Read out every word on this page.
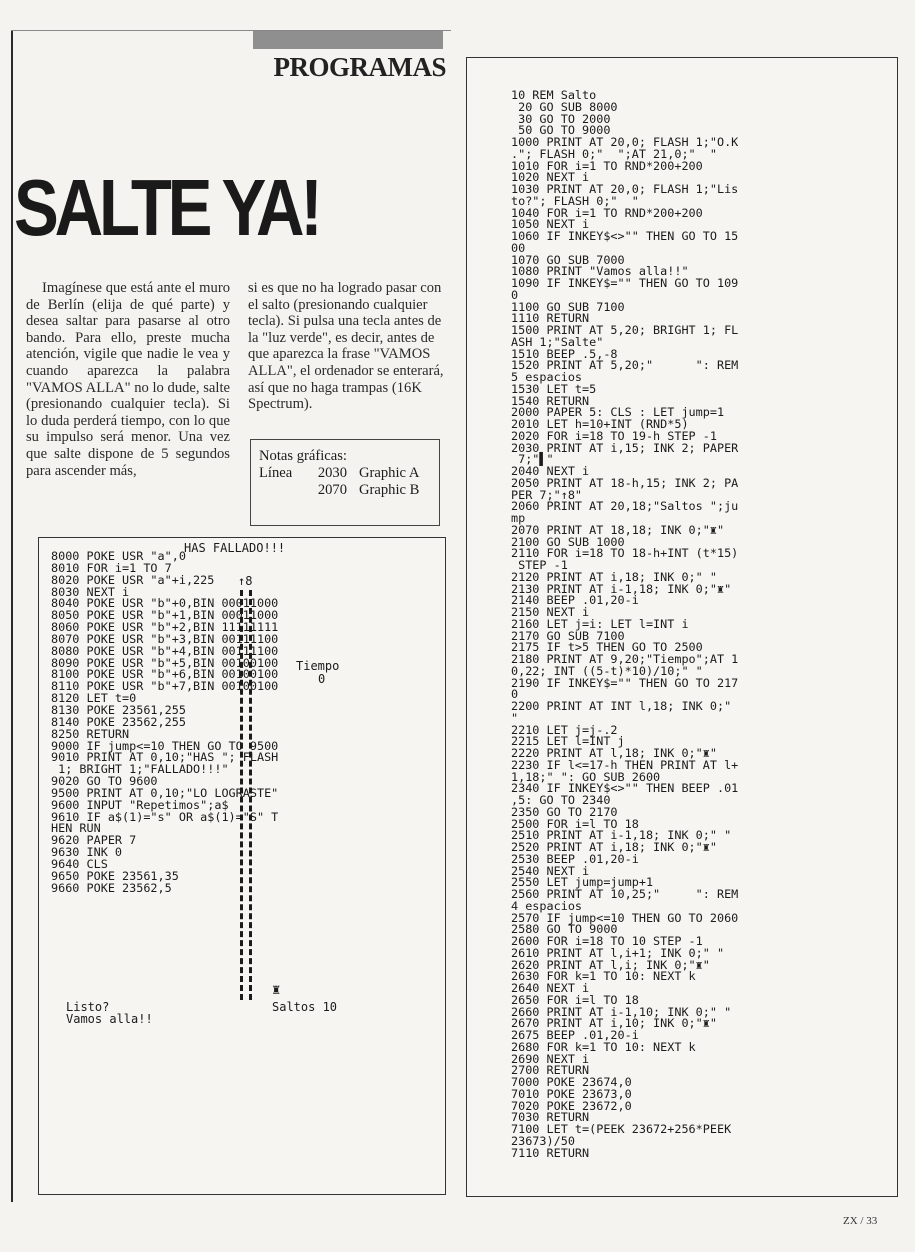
PROGRAMAS
SALTE YA!

Imagínese que está ante el muro de Berlín (elija de qué parte) y desea saltar para pasarse al otro bando. Para ello, preste mucha atención, vigile que nadie le vea y cuando aparezca la palabra "VAMOS ALLA" no lo dude, salte (presionando cualquier tecla). Si lo duda perderá tiempo, con lo que su impulso será menor. Una vez que salte dispone de 5 segundos para ascender más,

si es que no ha logrado pasar con el salto (presionando cualquier tecla). Si pulsa una tecla antes de la "luz verde", es decir, antes de que aparezca la frase "VAMOS ALLA", el ordenador se enterará, así que no haga trampas (16K Spectrum).

Notas gráficas:
Línea	2030 Graphic A
2070 Graphic B
10 REM Salto
20 GO SUB 8000
30 GO TO 2000
50 GO TO 9000
1000 PRINT AT 20,0; FLASH 1;"O.K
."; FLASH 0;"  ";AT 21,0;"  "
1010 FOR i=1 TO RND*200+200
1020 NEXT i
1030 PRINT AT 20,0; FLASH 1;"Lis
to?"; FLASH 0;"  "
1040 FOR i=1 TO RND*200+200
1050 NEXT i
1060 IF INKEY$<>"" THEN GO TO 15
00
1070 GO SUB 7000
1080 PRINT "Vamos alla!!"
1090 IF INKEY$="" THEN GO TO 109
0
1100 GO SUB 7100
1110 RETURN
1500 PRINT AT 5,20; BRIGHT 1; FL
ASH 1;"Salte"
1510 BEEP .5,-8
1520 PRINT AT 5,20;"      ": REM
5 espacios
1530 LET t=5
1540 RETURN
2000 PAPER 5: CLS : LET jump=1
2010 LET h=10+INT (RND*5)
2020 FOR i=18 TO 19-h STEP -1
2030 PRINT AT i,15; INK 2; PAPER
7;"▌"
2040 NEXT i
2050 PRINT AT 18-h,15; INK 2; PA
PER 7;"↑8"
2060 PRINT AT 20,18;"Saltos ";ju
mp
2070 PRINT AT 18,18; INK 0;"♜"
2100 GO SUB 1000
2110 FOR i=18 TO 18-h+INT (t*15)
STEP -1
2120 PRINT AT i,18; INK 0;" "
2130 PRINT AT i-1,18; INK 0;"♜"
2140 BEEP .01,20-i
2150 NEXT i
2160 LET j=i: LET l=INT i
2170 GO SUB 7100
2175 IF t>5 THEN GO TO 2500
2180 PRINT AT 9,20;"Tiempo";AT 1
0,22; INT ((5-t)*10)/10;" "
2190 IF INKEY$="" THEN GO TO 217
0
2200 PRINT AT INT l,18; INK 0;"
"
2210 LET j=j-.2
2215 LET l=INT j
2220 PRINT AT l,18; INK 0;"♜"
2230 IF l<=17-h THEN PRINT AT l+
1,18;" ": GO SUB 2600
2340 IF INKEY$<>"" THEN BEEP .01
,5: GO TO 2340
2350 GO TO 2170
2500 FOR i=l TO 18
2510 PRINT AT i-1,18; INK 0;" "
2520 PRINT AT i,18; INK 0;"♜"
2530 BEEP .01,20-i
2540 NEXT i
2550 LET jump=jump+1
2560 PRINT AT 10,25;"     ": REM
4 espacios
2570 IF jump<=10 THEN GO TO 2060
2580 GO TO 9000
2600 FOR i=18 TO 10 STEP -1
2610 PRINT AT l,i+1; INK 0;" "
2620 PRINT AT l,i; INK 0;"♜"
2630 FOR k=1 TO 10: NEXT k
2640 NEXT i
2650 FOR i=l TO 18
2660 PRINT AT i-1,10; INK 0;" "
2670 PRINT AT i,10; INK 0;"♜"
2675 BEEP .01,20-i
2680 FOR k=1 TO 10: NEXT k
2690 NEXT i
2700 RETURN
7000 POKE 23674,0
7010 POKE 23673,0
7020 POKE 23672,0
7030 RETURN
7100 LET t=(PEEK 23672+256*PEEK
23673)/50
7110 RETURN
8000 POKE USR "a",0
8010 FOR i=1 TO 7
8020 POKE USR "a"+i,225
8030 NEXT i
8040 POKE USR "b"+0,BIN 00011000
8050 POKE USR "b"+1,BIN 00011000
8060 POKE USR "b"+2,BIN 11111111
8070 POKE USR "b"+3,BIN 00111100
8080 POKE USR "b"+4,BIN 00111100
8090 POKE USR "b"+5,BIN 00100100
8100 POKE USR "b"+6,BIN 00100100
8110 POKE USR "b"+7,BIN 00100100
8120 LET t=0
8130 POKE 23561,255
8140 POKE 23562,255
8250 RETURN
9000 IF jump<=10 THEN GO TO 9500
9010 PRINT AT 0,10;"HAS "; FLASH
1; BRIGHT 1;"FALLADO!!!"
9020 GO TO 9600
9500 PRINT AT 0,10;"LO LOGRASTE"
9600 INPUT "Repetimos";a$
9610 IF a$(1)="s" OR a$(1)="S" T
HEN RUN
9620 PAPER 7
9630 INK 0
9640 CLS
9650 POKE 23561,35
9660 POKE 23562,5
HAS FALLADO!!!
↑8
Tiempo
0
♜
Listo?
Vamos alla!!
Saltos 10
ZX / 33
